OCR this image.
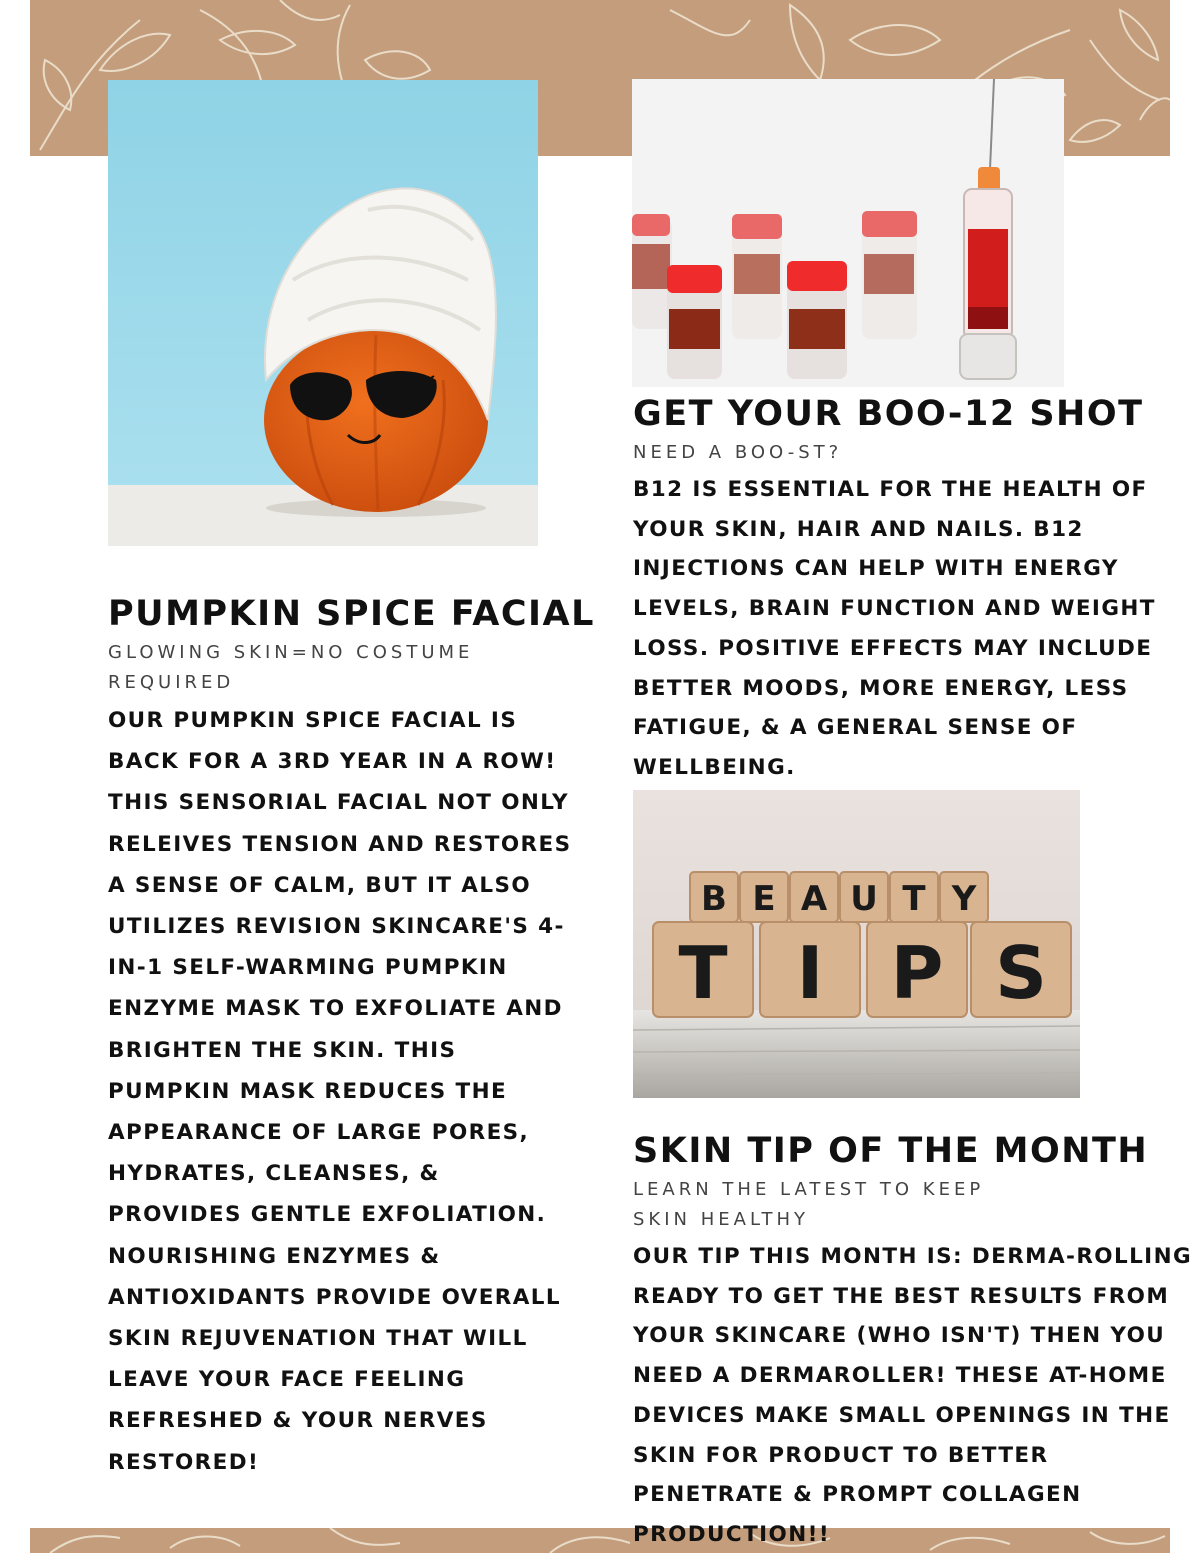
B E A U T Y
T I P S
PUMPKIN SPICE FACIAL

GLOWING SKIN=NO COSTUME REQUIRED

OUR PUMPKIN SPICE FACIAL IS BACK FOR A 3RD YEAR IN A ROW! THIS SENSORIAL FACIAL NOT ONLY RELEIVES TENSION AND RESTORES A SENSE OF CALM, BUT IT ALSO UTILIZES REVISION SKINCARE'S 4-IN-1 SELF-WARMING PUMPKIN ENZYME MASK TO EXFOLIATE AND BRIGHTEN THE SKIN. THIS PUMPKIN MASK REDUCES THE APPEARANCE OF LARGE PORES, HYDRATES, CLEANSES, & PROVIDES GENTLE EXFOLIATION. NOURISHING ENZYMES & ANTIOXIDANTS PROVIDE OVERALL SKIN REJUVENATION THAT WILL LEAVE YOUR FACE FEELING REFRESHED & YOUR NERVES RESTORED!

GET YOUR BOO-12 SHOT

NEED A BOO-ST?

B12 IS ESSENTIAL FOR THE HEALTH OF YOUR SKIN, HAIR AND NAILS. B12 INJECTIONS CAN HELP WITH ENERGY LEVELS, BRAIN FUNCTION AND WEIGHT LOSS. POSITIVE EFFECTS MAY INCLUDE BETTER MOODS, MORE ENERGY, LESS FATIGUE, & A GENERAL SENSE OF WELLBEING.

SKIN TIP OF THE MONTH

LEARN THE LATEST TO KEEP SKIN HEALTHY

OUR TIP THIS MONTH IS: DERMA-ROLLING READY TO GET THE BEST RESULTS FROM YOUR SKINCARE (WHO ISN'T) THEN YOU NEED A DERMAROLLER! THESE AT-HOME DEVICES MAKE SMALL OPENINGS IN THE SKIN FOR PRODUCT TO BETTER PENETRATE & PROMPT COLLAGEN PRODUCTION!!
